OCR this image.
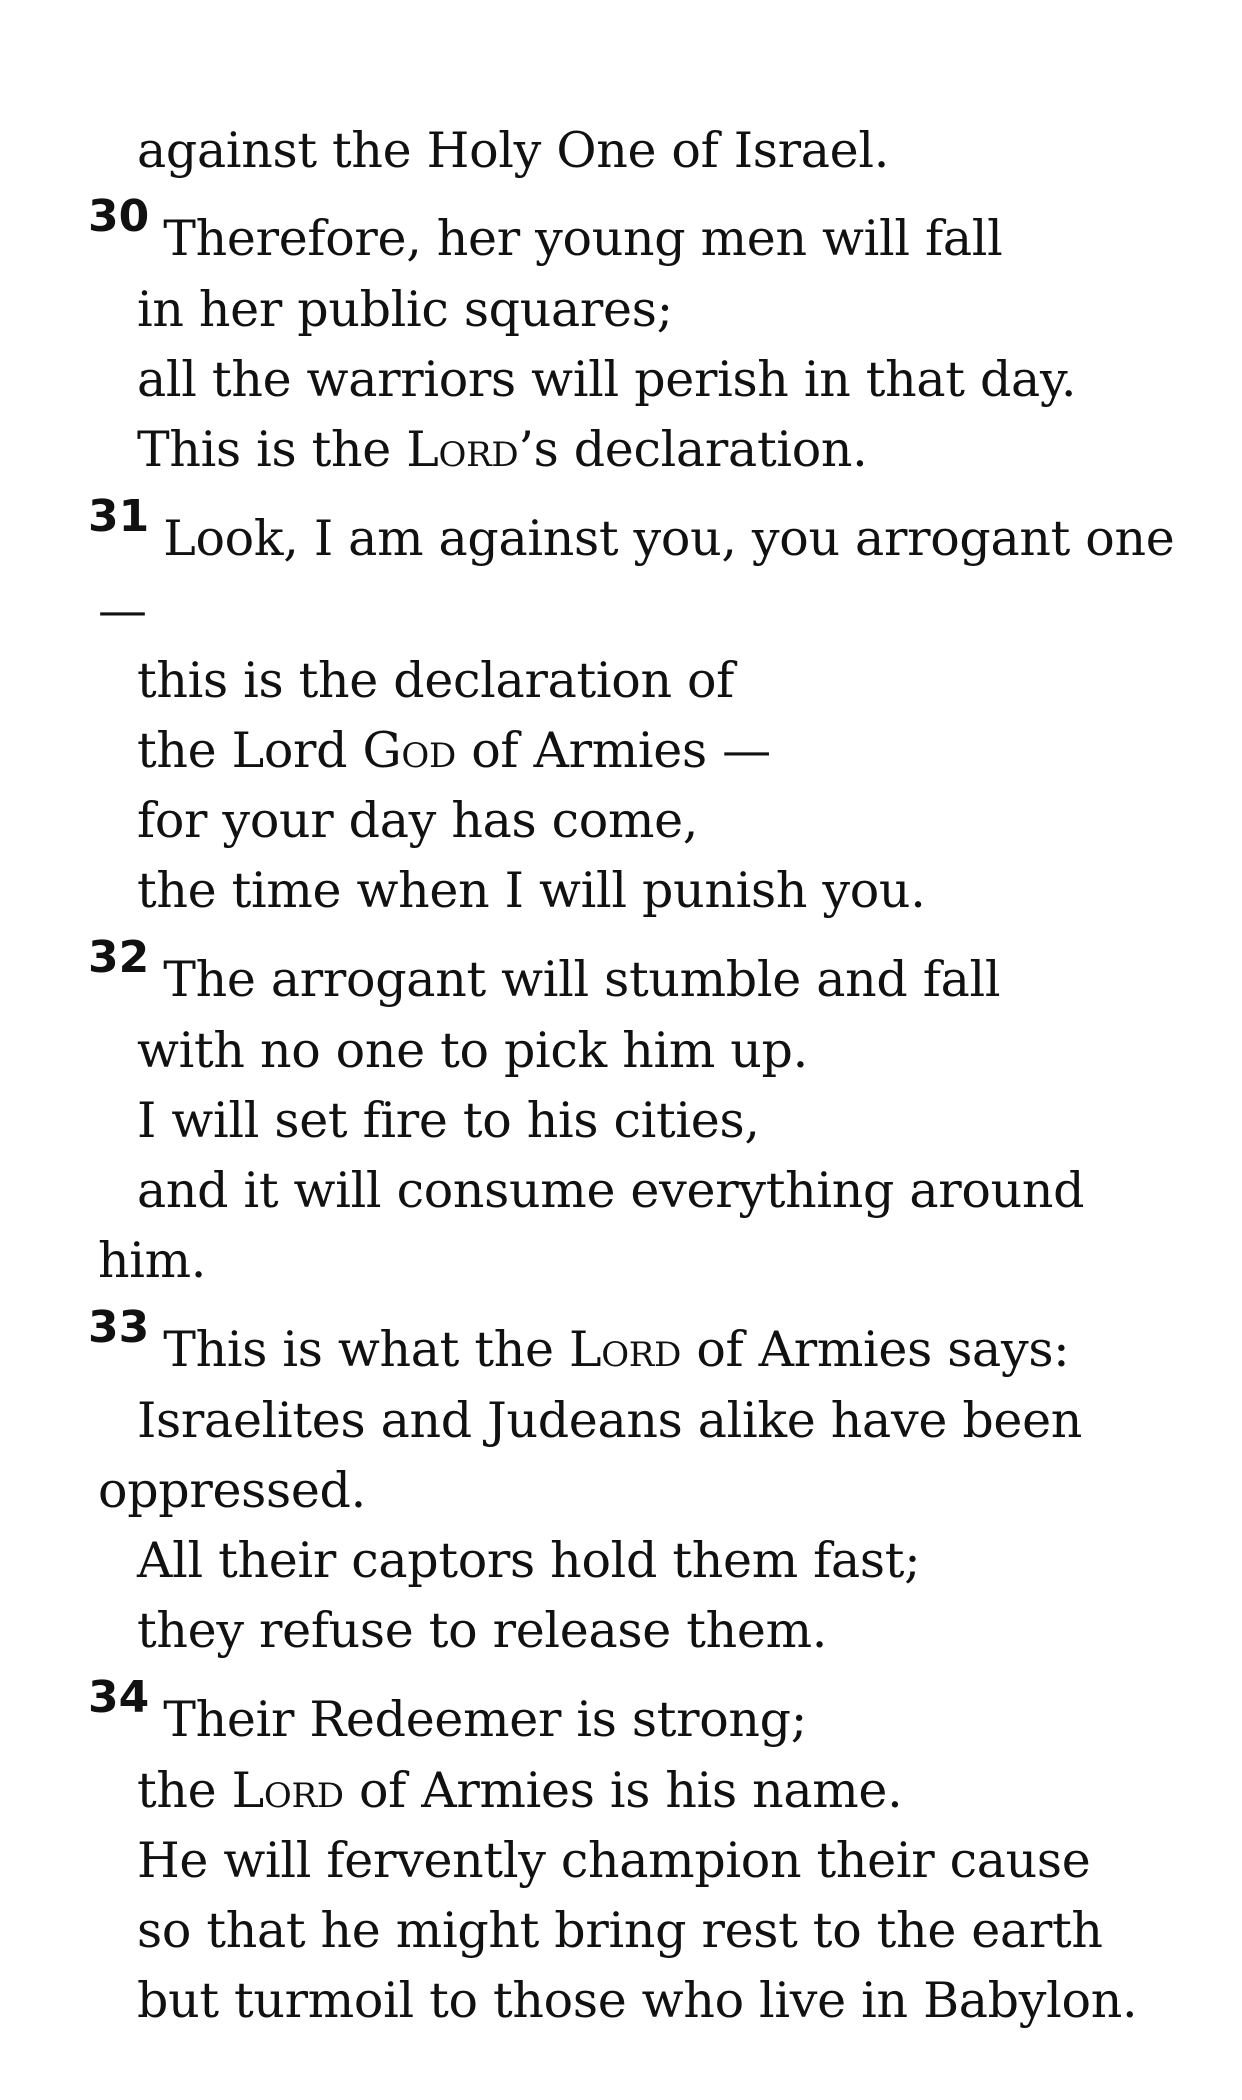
against the Holy One of Israel.
30 Therefore, her young men will fall
in her public squares;
all the warriors will perish in that day.
This is the Lord’s declaration.
31 Look, I am against you, you arrogant one
—
this is the declaration of
the Lord God of Armies —
for your day has come,
the time when I will punish you.
32 The arrogant will stumble and fall
with no one to pick him up.
I will set fire to his cities,
and it will consume everything around
him.
33 This is what the Lord of Armies says:
Israelites and Judeans alike have been
oppressed.
All their captors hold them fast;
they refuse to release them.
34 Their Redeemer is strong;
the Lord of Armies is his name.
He will fervently champion their cause
so that he might bring rest to the earth
but turmoil to those who live in Babylon.
